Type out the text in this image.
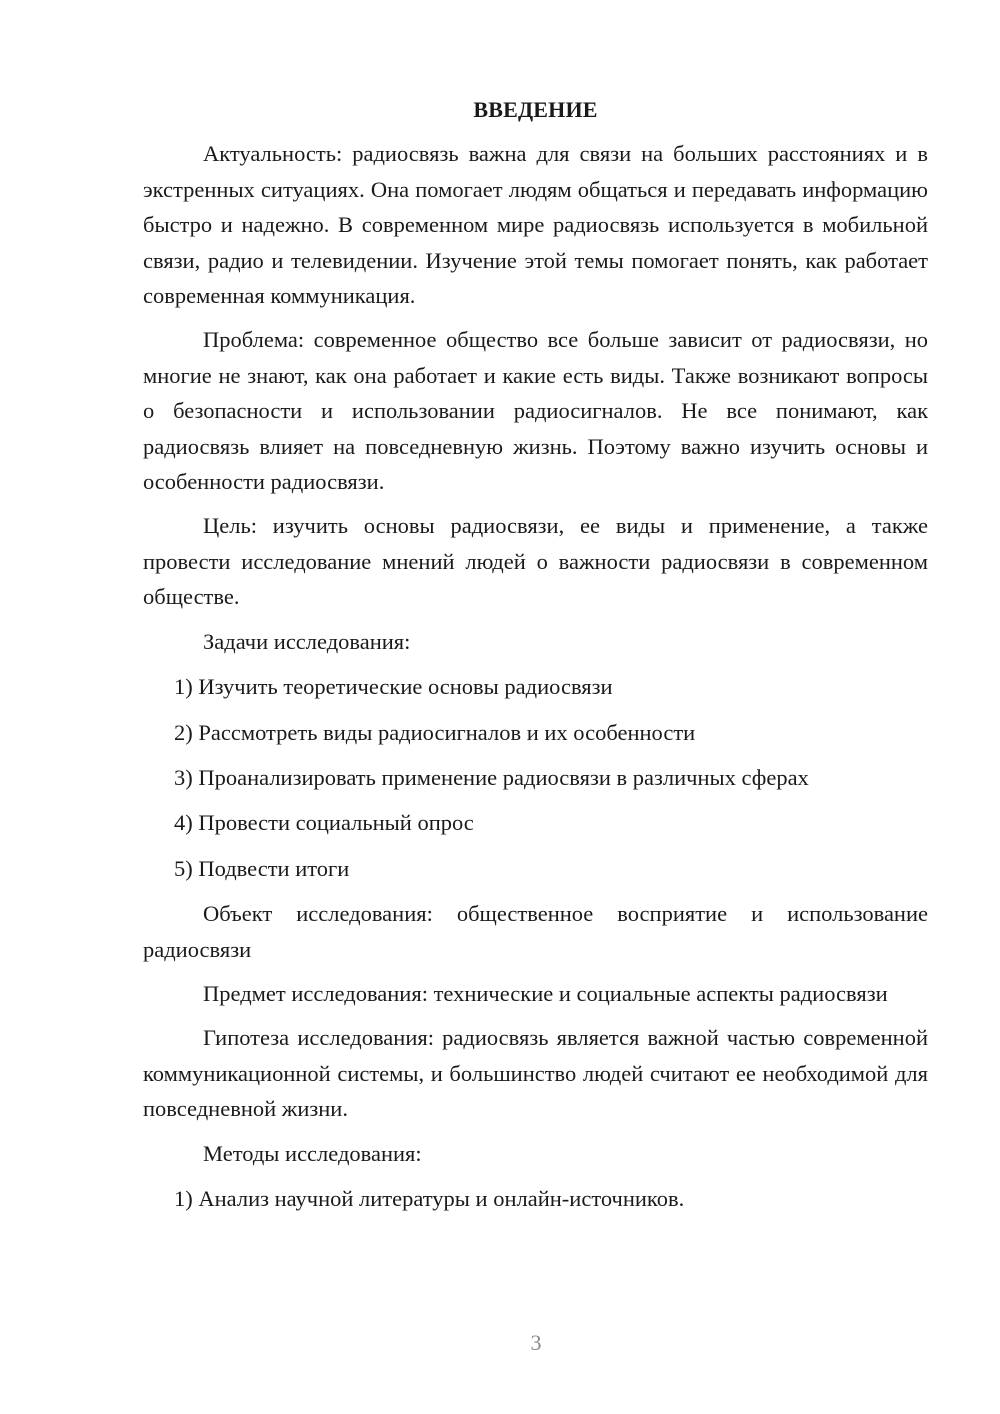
ВВЕДЕНИЕ
Актуальность: радиосвязь важна для связи на больших расстояниях и в экстренных ситуациях. Она помогает людям общаться и передавать информацию быстро и надежно. В современном мире радиосвязь используется в мобильной связи, радио и телевидении. Изучение этой темы помогает понять, как работает современная коммуникация.
Проблема: современное общество все больше зависит от радиосвязи, но многие не знают, как она работает и какие есть виды. Также возникают вопросы о безопасности и использовании радиосигналов. Не все понимают, как радиосвязь влияет на повседневную жизнь. Поэтому важно изучить основы и особенности радиосвязи.
Цель: изучить основы радиосвязи, ее виды и применение, а также провести исследование мнений людей о важности радиосвязи в современном обществе.
Задачи исследования:
1) Изучить теоретические основы радиосвязи
2) Рассмотреть виды радиосигналов и их особенности
3) Проанализировать применение радиосвязи в различных сферах
4) Провести социальный опрос
5) Подвести итоги
Объект исследования: общественное восприятие и использование радиосвязи
Предмет исследования: технические и социальные аспекты радиосвязи
Гипотеза исследования: радиосвязь является важной частью современной коммуникационной системы, и большинство людей считают ее необходимой для повседневной жизни.
Методы исследования:
1) Анализ научной литературы и онлайн-источников.
3
